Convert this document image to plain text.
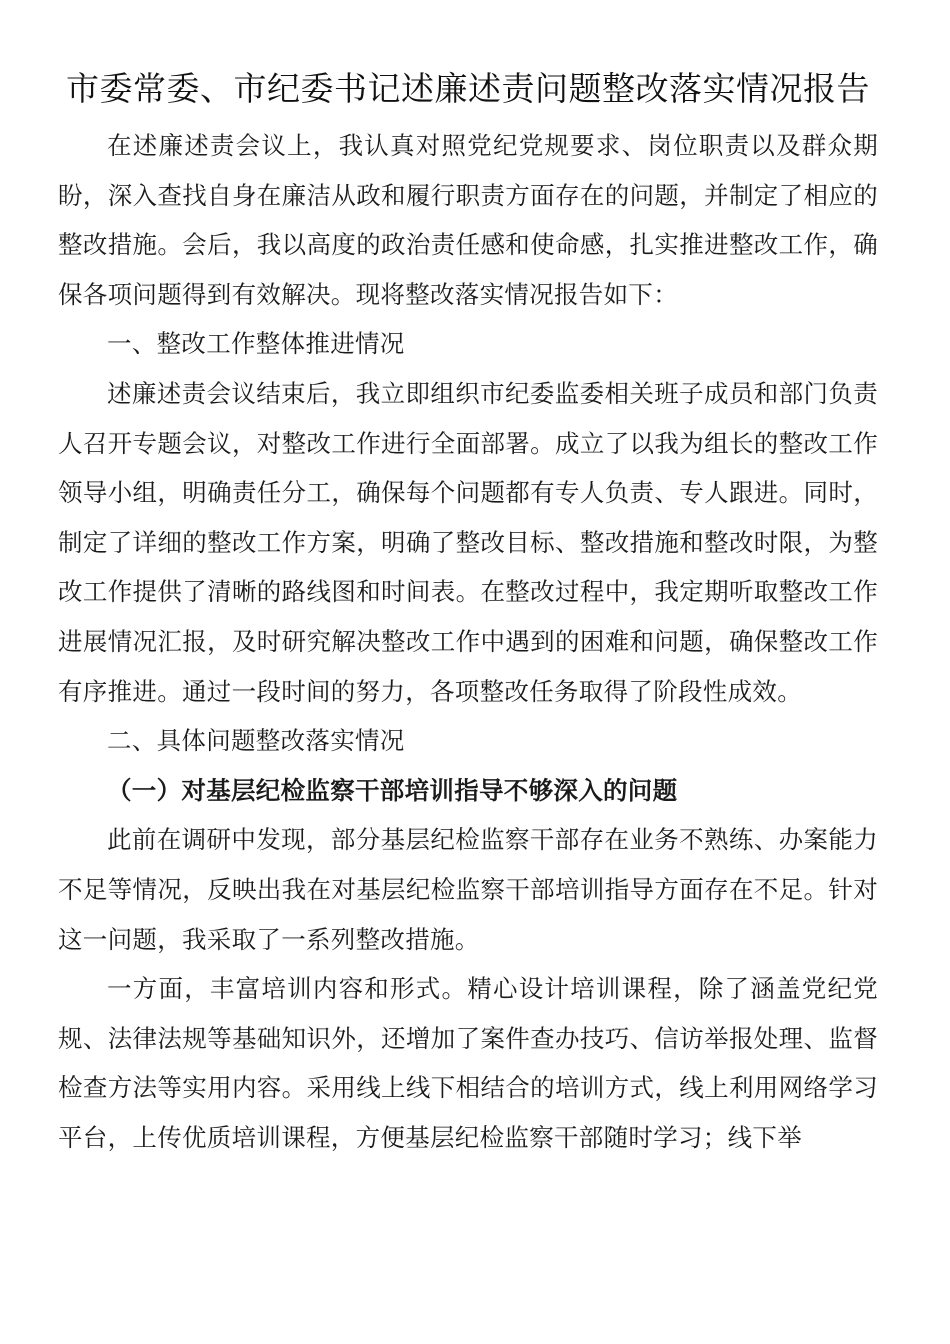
市委常委、市纪委书记述廉述责问题整改落实情况报告

在述廉述责会议上，我认真对照党纪党规要求、岗位职责以及群众期盼，深入查找自身在廉洁从政和履行职责方面存在的问题，并制定了相应的整改措施。会后，我以高度的政治责任感和使命感，扎实推进整改工作，确保各项问题得到有效解决。现将整改落实情况报告如下：

一、整改工作整体推进情况

述廉述责会议结束后，我立即组织市纪委监委相关班子成员和部门负责人召开专题会议，对整改工作进行全面部署。成立了以我为组长的整改工作领导小组，明确责任分工，确保每个问题都有专人负责、专人跟进。同时，制定了详细的整改工作方案，明确了整改目标、整改措施和整改时限，为整改工作提供了清晰的路线图和时间表。在整改过程中，我定期听取整改工作进展情况汇报，及时研究解决整改工作中遇到的困难和问题，确保整改工作有序推进。通过一段时间的努力，各项整改任务取得了阶段性成效。

二、具体问题整改落实情况

（一）对基层纪检监察干部培训指导不够深入的问题

此前在调研中发现，部分基层纪检监察干部存在业务不熟练、办案能力不足等情况，反映出我在对基层纪检监察干部培训指导方面存在不足。针对这一问题，我采取了一系列整改措施。

一方面，丰富培训内容和形式。精心设计培训课程，除了涵盖党纪党规、法律法规等基础知识外，还增加了案件查办技巧、信访举报处理、监督检查方法等实用内容。采用线上线下相结合的培训方式，线上利用网络学习平台，上传优质培训课程，方便基层纪检监察干部随时学习；线下举
